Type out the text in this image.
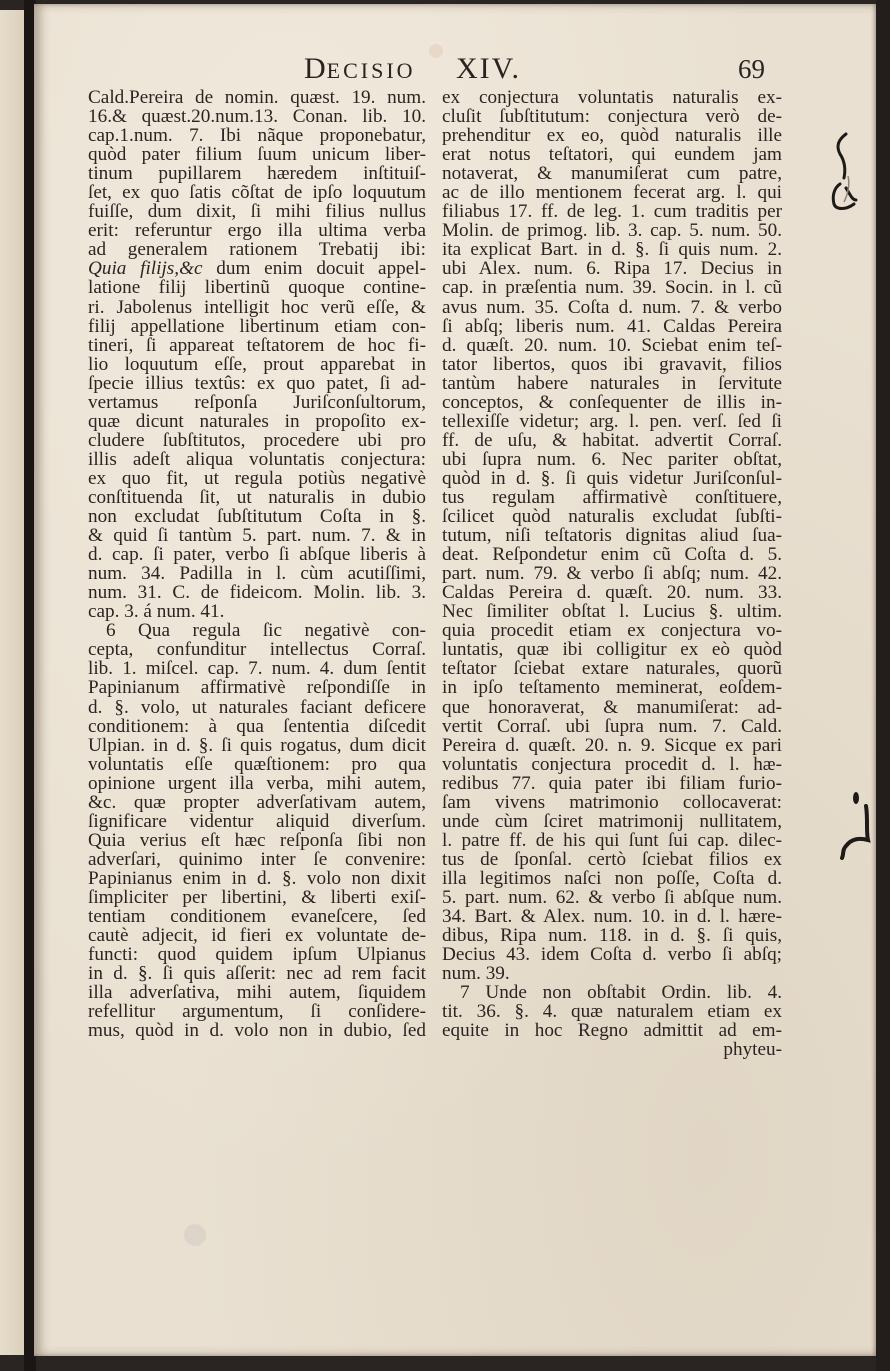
DECISIO XIV.	69
Cald.Pereira de nomin. quæst. 19. num.
16.& quæst.20.num.13. Conan. lib. 10.
cap.1.num. 7. Ibi nãque proponebatur,
quòd pater filium ſuum unicum liber-
tinum pupillarem hæredem inſtituiſ-
ſet, ex quo ſatis cõſtat de ipſo loquutum
fuiſſe, dum dixit, ſi mihi filius nullus
erit: referuntur ergo illa ultima verba
ad generalem rationem Trebatij ibi:
Quia filijs,&c dum enim docuit appel-
latione filij libertinũ quoque contine-
ri. Jabolenus intelligit hoc verũ eſſe, &
filij appellatione libertinum etiam con-
tineri, ſi appareat teſtatorem de hoc fi-
lio loquutum eſſe, prout apparebat in
ſpecie illius textûs: ex quo patet, ſi ad-
vertamus reſponſa Juriſconſultorum,
quæ dicunt naturales in propoſito ex-
cludere ſubſtitutos, procedere ubi pro
illis adeſt aliqua voluntatis conjectura:
ex quo fit, ut regula potiùs negativè
conſtituenda ſit, ut naturalis in dubio
non excludat ſubſtitutum Coſta in §.
& quid ſi tantùm 5. part. num. 7. & in
d. cap. ſi pater, verbo ſi abſque liberis à
num. 34. Padilla in l. cùm acutiſſimi,
num. 31. C. de fideicom. Molin. lib. 3.
cap. 3. á num. 41.
6 Qua regula ſic negativè con-
cepta, confunditur intellectus Corraſ.
lib. 1. miſcel. cap. 7. num. 4. dum ſentit
Papinianum affirmativè reſpondiſſe in
d. §. volo, ut naturales faciant deficere
conditionem: à qua ſententia diſcedit
Ulpian. in d. §. ſi quis rogatus, dum dicit
voluntatis eſſe quæſtionem: pro qua
opinione urgent illa verba, mihi autem,
&c. quæ propter adverſativam autem,
ſignificare videntur aliquid diverſum.
Quia verius eſt hæc reſponſa ſibi non
adverſari, quinimo inter ſe convenire:
Papinianus enim in d. §. volo non dixit
ſimpliciter per libertini, & liberti exiſ-
tentiam conditionem evaneſcere, ſed
cautè adjecit, id fieri ex voluntate de-
functi: quod quidem ipſum Ulpianus
in d. §. ſi quis aſſerit: nec ad rem facit
illa adverſativa, mihi autem, ſiquidem
refellitur argumentum, ſi conſidere-
mus, quòd in d. volo non in dubio, ſed
ex conjectura voluntatis naturalis ex-
cluſit ſubſtitutum: conjectura verò de-
prehenditur ex eo, quòd naturalis ille
erat notus teſtatori, qui eundem jam
notaverat, & manumiſerat cum patre,
ac de illo mentionem fecerat arg. l. qui
filiabus 17. ff. de leg. 1. cum traditis per
Molin. de primog. lib. 3. cap. 5. num. 50.
ita explicat Bart. in d. §. ſi quis num. 2.
ubi Alex. num. 6. Ripa 17. Decius in
cap. in præſentia num. 39. Socin. in l. cũ
avus num. 35. Coſta d. num. 7. & verbo
ſi abſq; liberis num. 41. Caldas Pereira
d. quæſt. 20. num. 10. Sciebat enim teſ-
tator libertos, quos ibi gravavit, filios
tantùm habere naturales in ſervitute
conceptos, & conſequenter de illis in-
tellexiſſe videtur; arg. l. pen. verſ. ſed ſi
ff. de uſu, & habitat. advertit Corraſ.
ubi ſupra num. 6. Nec pariter obſtat,
quòd in d. §. ſi quis videtur Juriſconſul-
tus regulam affirmativè conſtituere,
ſcilicet quòd naturalis excludat ſubſti-
tutum, niſi teſtatoris dignitas aliud ſua-
deat. Reſpondetur enim cũ Coſta d. 5.
part. num. 79. & verbo ſi abſq; num. 42.
Caldas Pereira d. quæſt. 20. num. 33.
Nec ſimiliter obſtat l. Lucius §. ultim.
quia procedit etiam ex conjectura vo-
luntatis, quæ ibi colligitur ex eò quòd
teſtator ſciebat extare naturales, quorũ
in ipſo teſtamento meminerat, eoſdem-
que honoraverat, & manumiſerat: ad-
vertit Corraſ. ubi ſupra num. 7. Cald.
Pereira d. quæſt. 20. n. 9. Sicque ex pari
voluntatis conjectura procedit d. l. hæ-
redibus 77. quia pater ibi filiam furio-
ſam vivens matrimonio collocaverat:
unde cùm ſciret matrimonij nullitatem,
l. patre ff. de his qui ſunt ſui cap. dilec-
tus de ſponſal. certò ſciebat filios ex
illa legitimos naſci non poſſe, Coſta d.
5. part. num. 62. & verbo ſi abſque num.
34. Bart. & Alex. num. 10. in d. l. hære-
dibus, Ripa num. 118. in d. §. ſi quis,
Decius 43. idem Coſta d. verbo ſi abſq;
num. 39.
7 Unde non obſtabit Ordin. lib. 4.
tit. 36. §. 4. quæ naturalem etiam ex
equite in hoc Regno admittit ad em-
phyteu-
